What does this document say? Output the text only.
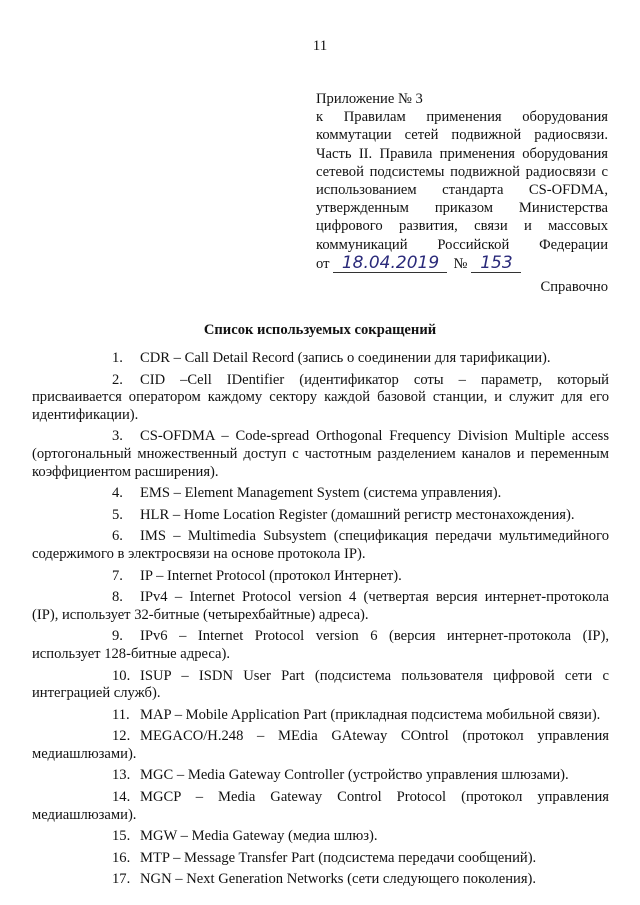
11

Приложение № 3

к Правилам применения оборудования коммутации сетей подвижной радиосвязи. Часть II. Правила применения оборудования сетевой подсистемы подвижной радиосвязи с использованием стандарта CS-OFDMA, утвержденным приказом Министерства цифрового развития, связи и массовых коммуникаций Российской Федерации

от 18.04.2019 № 153
Справочно
Список используемых сокращений
1. CDR – Call Detail Record (запись о соединении для тарификации).
2. CID –Cell IDentifier (идентификатор соты – параметр, который присваивается оператором каждому сектору каждой базовой станции, и служит для его идентификации).
3. CS-OFDMA – Code-spread Orthogonal Frequency Division Multiple access (ортогональный множественный доступ с частотным разделением каналов и переменным коэффициентом расширения).
4. EMS – Element Management System (система управления).
5. HLR – Home Location Register (домашний регистр местонахождения).
6. IMS – Multimedia Subsystem (спецификация передачи мультимедийного содержимого в электросвязи на основе протокола IP).
7. IP – Internet Protocol (протокол Интернет).
8. IPv4 – Internet Protocol version 4 (четвертая версия интернет-протокола (IP), использует 32-битные (четырехбайтные) адреса).
9. IPv6 – Internet Protocol version 6 (версия интернет-протокола (IP), использует 128-битные адреса).
10. ISUP – ISDN User Part (подсистема пользователя цифровой сети с интеграцией служб).
11. MAP – Mobile Application Part (прикладная подсистема мобильной связи).
12. MEGACO/H.248 – MEdia GAteway COntrol (протокол управления медиашлюзами).
13. MGC – Media Gateway Controller (устройство управления шлюзами).
14. MGCP – Media Gateway Control Protocol (протокол управления медиашлюзами).
15. MGW – Media Gateway (медиа шлюз).
16. MTP – Message Transfer Part (подсистема передачи сообщений).
17. NGN – Next Generation Networks (сети следующего поколения).
